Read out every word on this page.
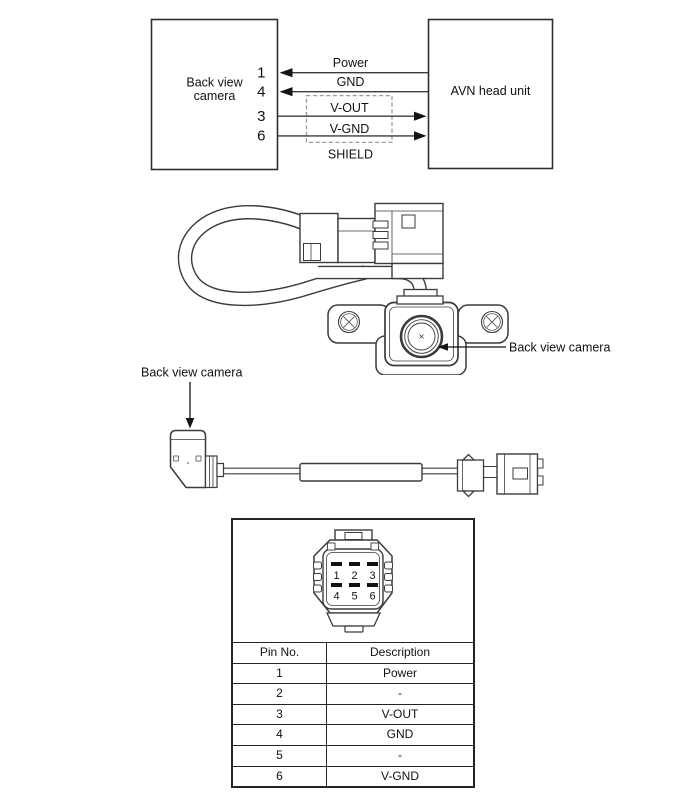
Back view
camera	AVN head unit
Power
1
GND
4
V-OUT
3
V-GND
6
SHIELD
Back view camera
Back view camera
1 2 3
4 5 6
Pin No.	Description
1	Power
2	-
3	V-OUT
4	GND
5	-
6	V-GND
